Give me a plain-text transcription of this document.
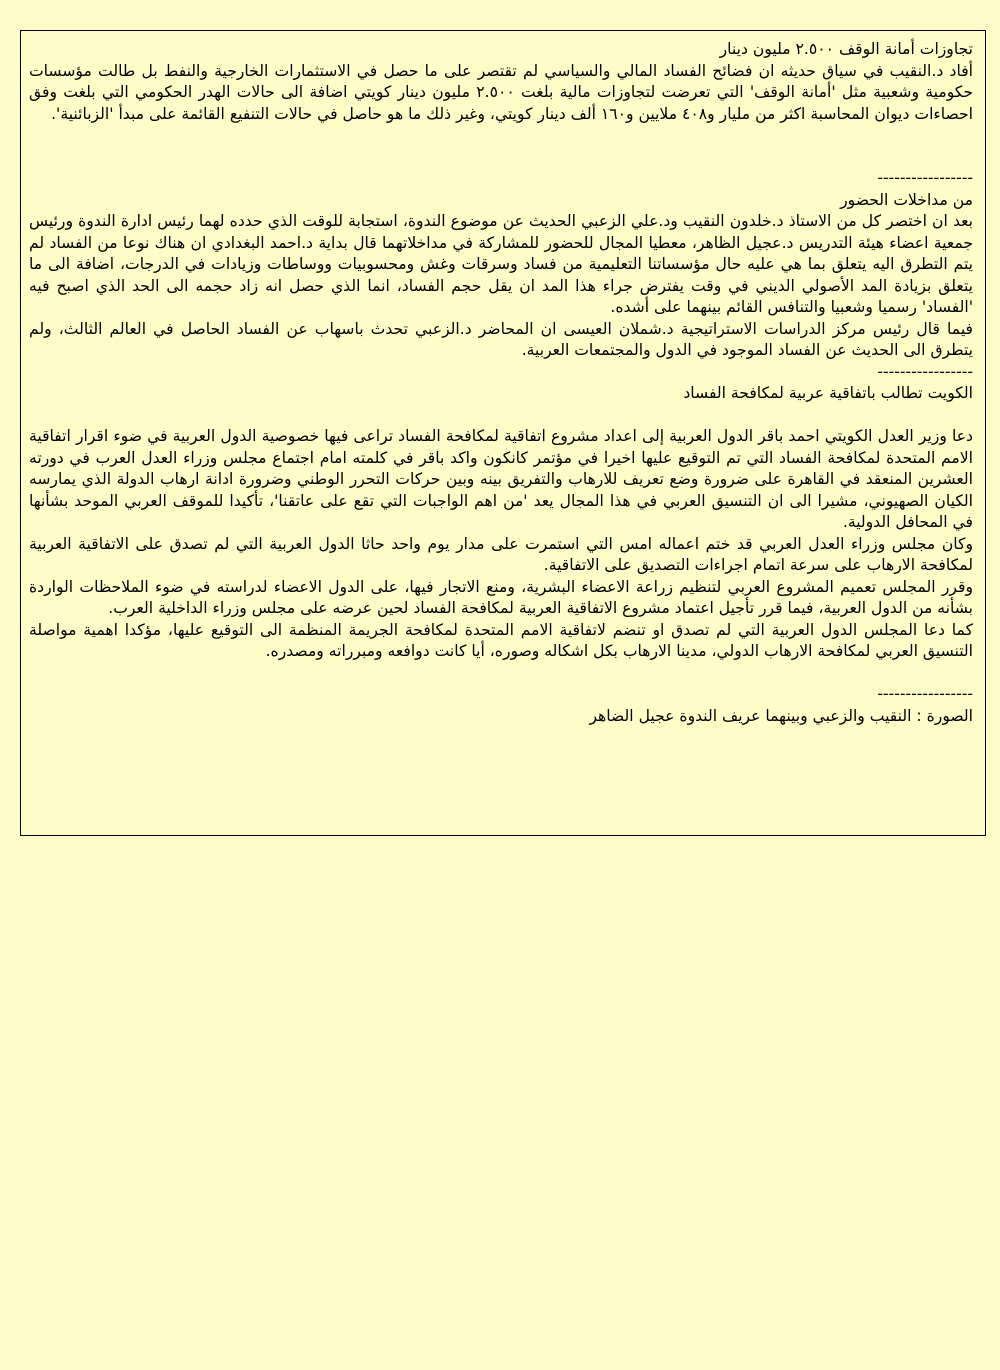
تجاوزات أمانة الوقف ٢.٥٠٠ مليون دينار

أفاد د.النقيب في سياق حديثه ان فضائح الفساد المالي والسياسي لم تقتصر على ما حصل في الاستثمارات الخارجية والنفط بل طالت مؤسسات حكومية وشعبية مثل 'أمانة الوقف' التي تعرضت لتجاوزات مالية بلغت ٢.٥٠٠ مليون دينار كويتي اضافة الى حالات الهدر الحكومي التي بلغت وفق احصاءات ديوان المحاسبة اكثر من مليار و٤٠٨ ملايين و١٦٠ ألف دينار كويتي، وغير ذلك ما هو حاصل في حالات التنفيع القائمة على مبدأ 'الزبائنية'.

-----------------

من مداخلات الحضور

بعد ان اختصر كل من الاستاذ د.خلدون النقيب ود.علي الزعبي الحديث عن موضوع الندوة، استجابة للوقت الذي حدده لهما رئيس ادارة الندوة ورئيس جمعية اعضاء هيئة التدريس د.عجيل الظاهر، معطيا المجال للحضور للمشاركة في مداخلاتهما قال بداية د.احمد البغدادي ان هناك نوعا من الفساد لم يتم التطرق اليه يتعلق بما هي عليه حال مؤسساتنا التعليمية من فساد وسرقات وغش ومحسوبيات ووساطات وزيادات في الدرجات، اضافة الى ما يتعلق بزيادة المد الأصولي الديني في وقت يفترض جراء هذا المد ان يقل حجم الفساد، انما الذي حصل انه زاد حجمه الى الحد الذي اصبح فيه 'الفساد' رسميا وشعبيا والتنافس القائم بينهما على أشده.

فيما قال رئيس مركز الدراسات الاستراتيجية د.شملان العيسى ان المحاضر د.الزعبي تحدث باسهاب عن الفساد الحاصل في العالم الثالث، ولم يتطرق الى الحديث عن الفساد الموجود في الدول والمجتمعات العربية.

-----------------

الكويت تطالب باتفاقية عربية لمكافحة الفساد

دعا وزير العدل الكويتي احمد باقر الدول العربية إلى اعداد مشروع اتفاقية لمكافحة الفساد تراعى فيها خصوصية الدول العربية في ضوء اقرار اتفاقية الامم المتحدة لمكافحة الفساد التي تم التوقيع عليها اخيرا في مؤتمر كانكون واكد باقر في كلمته امام اجتماع مجلس وزراء العدل العرب في دورته العشرين المنعقد في القاهرة على ضرورة وضع تعريف للارهاب والتفريق بينه وبين حركات التحرر الوطني وضرورة ادانة ارهاب الدولة الذي يمارسه الكيان الصهيوني، مشيرا الى ان التنسيق العربي في هذا المجال يعد 'من اهم الواجبات التي تقع على عاتقنا'، تأكيدا للموقف العربي الموحد بشأنها في المحافل الدولية.

وكان مجلس وزراء العدل العربي قد ختم اعماله امس التي استمرت على مدار يوم واحد حاثا الدول العربية التي لم تصدق على الاتفاقية العربية لمكافحة الارهاب على سرعة اتمام اجراءات التصديق على الاتفاقية.

وقرر المجلس تعميم المشروع العربي لتنظيم زراعة الاعضاء البشرية، ومنع الاتجار فيها، على الدول الاعضاء لدراسته في ضوء الملاحظات الواردة بشأنه من الدول العربية، فيما قرر تأجيل اعتماد مشروع الاتفاقية العربية لمكافحة الفساد لحين عرضه على مجلس وزراء الداخلية العرب.

كما دعا المجلس الدول العربية التي لم تصدق او تنضم لاتفاقية الامم المتحدة لمكافحة الجريمة المنظمة الى التوقيع عليها، مؤكدا اهمية مواصلة التنسيق العربي لمكافحة الارهاب الدولي، مدينا الارهاب بكل اشكاله وصوره، أيا كانت دوافعه ومبرراته ومصدره.

-----------------

الصورة : النقيب والزعبي وبينهما عريف الندوة عجيل الضاهر
